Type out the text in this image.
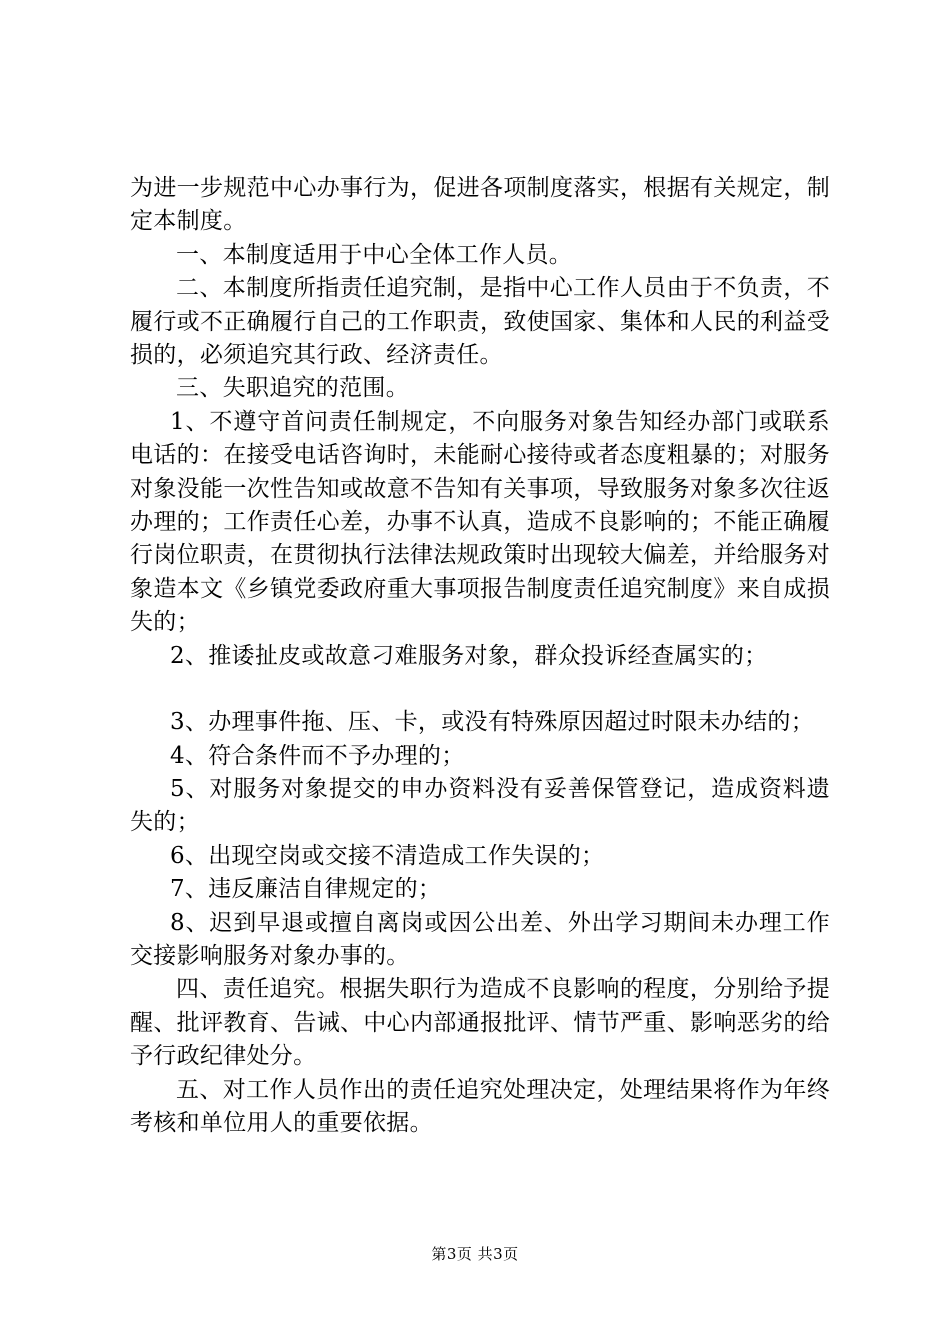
为进一步规范中心办事行为，促进各项制度落实，根据有关规定，制定本制度。

一、本制度适用于中心全体工作人员。

二、本制度所指责任追究制，是指中心工作人员由于不负责，不履行或不正确履行自己的工作职责，致使国家、集体和人民的利益受损的，必须追究其行政、经济责任。

三、失职追究的范围。

1、不遵守首问责任制规定，不向服务对象告知经办部门或联系电话的：在接受电话咨询时，未能耐心接待或者态度粗暴的；对服务对象没能一次性告知或故意不告知有关事项，导致服务对象多次往返办理的；工作责任心差，办事不认真，造成不良影响的；不能正确履行岗位职责，在贯彻执行法律法规政策时出现较大偏差，并给服务对象造本文《乡镇党委政府重大事项报告制度责任追究制度》来自成损失的；

2、推诿扯皮或故意刁难服务对象，群众投诉经查属实的；

3、办理事件拖、压、卡，或没有特殊原因超过时限未办结的；

4、符合条件而不予办理的；

5、对服务对象提交的申办资料没有妥善保管登记，造成资料遗失的；

6、出现空岗或交接不清造成工作失误的；

7、违反廉洁自律规定的；

8、迟到早退或擅自离岗或因公出差、外出学习期间未办理工作交接影响服务对象办事的。

四、责任追究。根据失职行为造成不良影响的程度，分别给予提醒、批评教育、告诫、中心内部通报批评、情节严重、影响恶劣的给予行政纪律处分。

五、对工作人员作出的责任追究处理决定，处理结果将作为年终考核和单位用人的重要依据。

第3页 共3页
